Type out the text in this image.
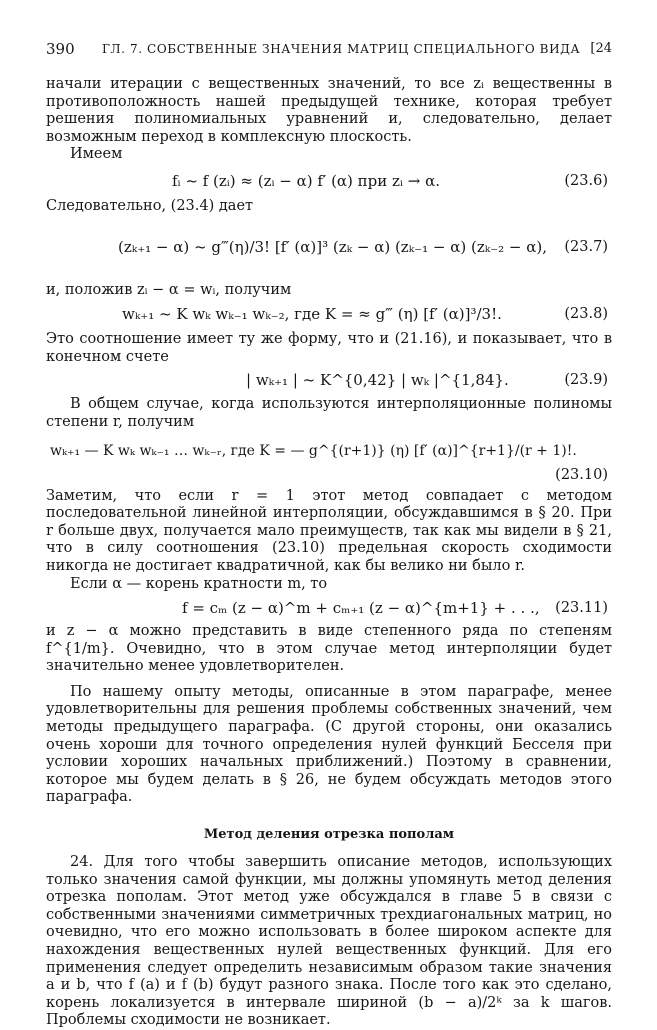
390 ГЛ. 7. СОБСТВЕННЫЕ ЗНАЧЕНИЯ МАТРИЦ СПЕЦИАЛЬНОГО ВИДА [24

начали итерации с вещественных значений, то все zᵢ вещественны в противоположность нашей предыдущей технике, которая требует решения полиномиальных уравнений и, следовательно, делает возможным переход в комплексную плоскость.

Имеем

fᵢ ~ f (zᵢ) ≈ (zᵢ − α) f′ (α) при zᵢ → α.	(23.6)

Следовательно, (23.4) дает

(zₖ₊₁ − α) ~ g‴(η)/3! [f′ (α)]³ (zₖ − α) (zₖ₋₁ − α) (zₖ₋₂ − α), (23.7)

и, положив zᵢ − α = wᵢ, получим

wₖ₊₁ ~ K wₖ wₖ₋₁ wₖ₋₂, где K = ≈ g‴ (η) [f′ (α)]³/3!.	(23.8)

Это соотношение имеет ту же форму, что и (21.16), и показывает, что в конечном счете

| wₖ₊₁ | ~ K^{0,42} | wₖ |^{1,84}.	(23.9)

В общем случае, когда используются интерполяционные полиномы степени r, получим

wₖ₊₁ — K wₖ wₖ₋₁ … wₖ₋ᵣ, где K = — g^{(r+1)} (η) [f′ (α)]^{r+1}/(r + 1)!.
(23.10)

Заметим, что если r = 1 этот метод совпадает с методом последовательной линейной интерполяции, обсуждавшимся в § 20. При r больше двух, получается мало преимуществ, так как мы видели в § 21, что в силу соотношения (23.10) предельная скорость сходимости никогда не достигает квадратичной, как бы велико ни было r.

Если α — корень кратности m, то

f = cₘ (z − α)^m + cₘ₊₁ (z − α)^{m+1} + . . ., (23.11)

и z − α можно представить в виде степенного ряда по степеням f^{1/m}. Очевидно, что в этом случае метод интерполяции будет значительно менее удовлетворителен.

По нашему опыту методы, описанные в этом параграфе, менее удовлетворительны для решения проблемы собственных значений, чем методы предыдущего параграфа. (С другой стороны, они оказались очень хороши для точного определения нулей функций Бесселя при условии хороших начальных приближений.) Поэтому в сравнении, которое мы будем делать в § 26, не будем обсуждать методов этого параграфа.

Метод деления отрезка пополам

24. Для того чтобы завершить описание методов, использующих только значения самой функции, мы должны упомянуть метод деления отрезка пополам. Этот метод уже обсуждался в главе 5 в связи с собственными значениями симметричных трехдиагональных матриц, но очевидно, что его можно использовать в более широком аспекте для нахождения вещественных нулей вещественных функций. Для его применения следует определить независимым образом такие значения a и b, что f (a) и f (b) будут разного знака. После того как это сделано, корень локализуется в интервале шириной (b − a)/2ᵏ за k шагов. Проблемы сходимости не возникает.
